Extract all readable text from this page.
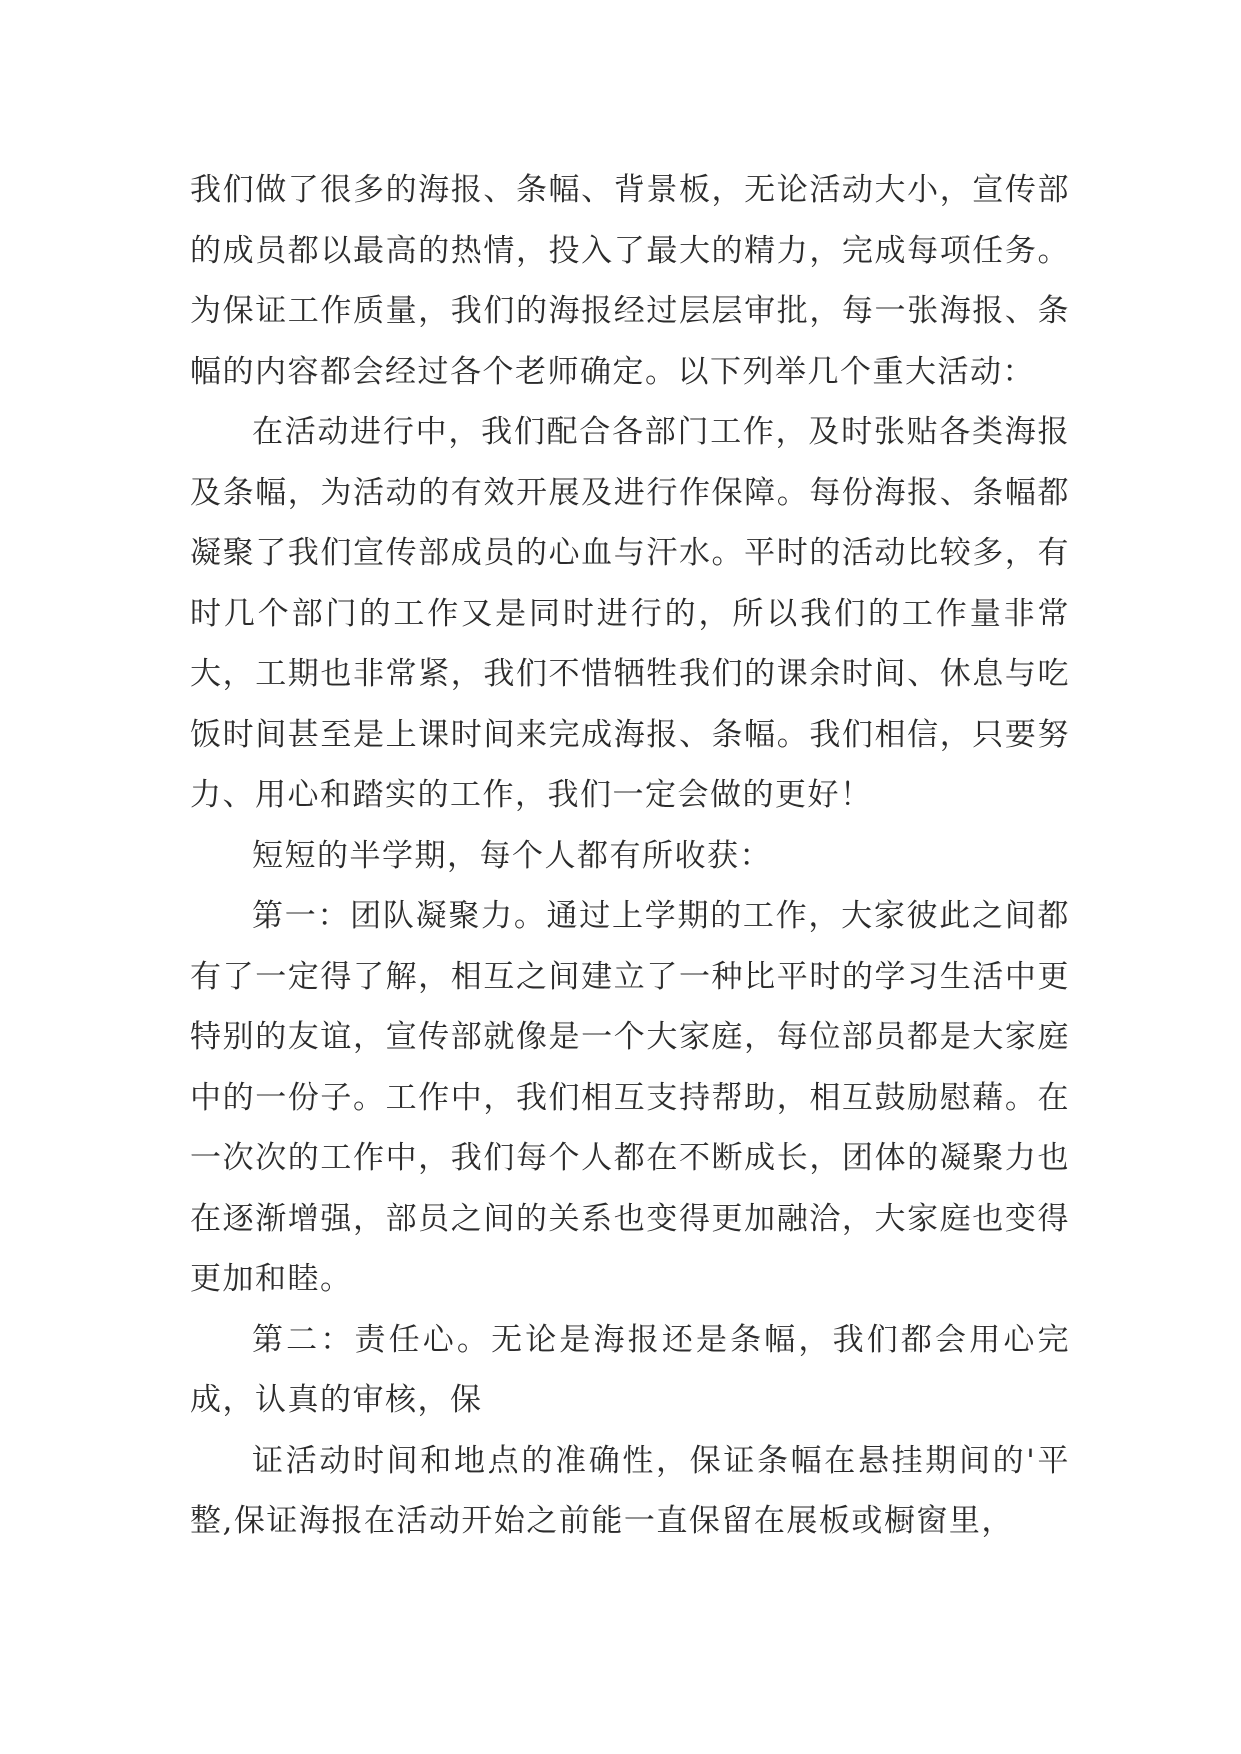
我们做了很多的海报、条幅、背景板，无论活动大小，宣传部的成员都以最高的热情，投入了最大的精力，完成每项任务。为保证工作质量，我们的海报经过层层审批，每一张海报、条幅的内容都会经过各个老师确定。以下列举几个重大活动：

在活动进行中，我们配合各部门工作，及时张贴各类海报及条幅，为活动的有效开展及进行作保障。每份海报、条幅都凝聚了我们宣传部成员的心血与汗水。平时的活动比较多，有时几个部门的工作又是同时进行的，所以我们的工作量非常大，工期也非常紧，我们不惜牺牲我们的课余时间、休息与吃饭时间甚至是上课时间来完成海报、条幅。我们相信，只要努力、用心和踏实的工作，我们一定会做的更好！

短短的半学期，每个人都有所收获：

第一：团队凝聚力。通过上学期的工作，大家彼此之间都有了一定得了解，相互之间建立了一种比平时的学习生活中更特别的友谊，宣传部就像是一个大家庭，每位部员都是大家庭中的一份子。工作中，我们相互支持帮助，相互鼓励慰藉。在一次次的工作中，我们每个人都在不断成长，团体的凝聚力也在逐渐增强，部员之间的关系也变得更加融洽，大家庭也变得更加和睦。

第二：责任心。无论是海报还是条幅，我们都会用心完成，认真的审核，保

证活动时间和地点的准确性，保证条幅在悬挂期间的'平整,保证海报在活动开始之前能一直保留在展板或橱窗里，
